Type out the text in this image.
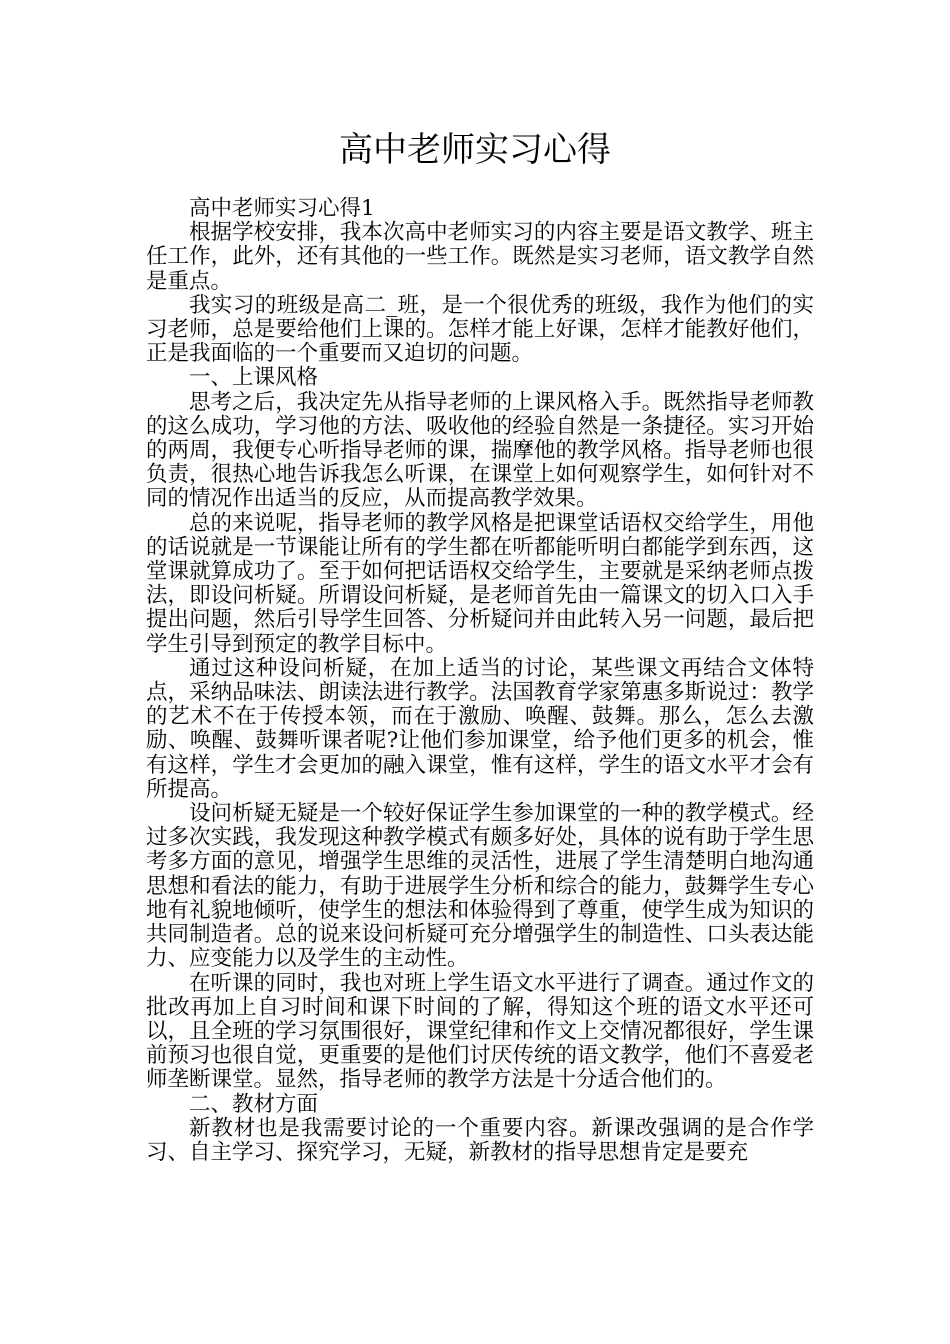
高中老师实习心得

高中老师实习心得1

根据学校安排，我本次高中老师实习的内容主要是语文教学、班主任工作，此外，还有其他的一些工作。既然是实习老师，语文教学自然是重点。

我实习的班级是高二_班，是一个很优秀的班级，我作为他们的实习老师，总是要给他们上课的。怎样才能上好课，怎样才能教好他们，正是我面临的一个重要而又迫切的问题。

一、上课风格

思考之后，我决定先从指导老师的上课风格入手。既然指导老师教的这么成功，学习他的方法、吸收他的经验自然是一条捷径。实习开始的两周，我便专心听指导老师的课，揣摩他的教学风格。指导老师也很负责，很热心地告诉我怎么听课，在课堂上如何观察学生，如何针对不同的情况作出适当的反应，从而提高教学效果。

总的来说呢，指导老师的教学风格是把课堂话语权交给学生，用他的话说就是一节课能让所有的学生都在听都能听明白都能学到东西，这堂课就算成功了。至于如何把话语权交给学生，主要就是采纳老师点拨法，即设问析疑。所谓设问析疑，是老师首先由一篇课文的切入口入手提出问题，然后引导学生回答、分析疑问并由此转入另一问题，最后把学生引导到预定的教学目标中。

通过这种设问析疑，在加上适当的讨论，某些课文再结合文体特点，采纳品味法、朗读法进行教学。法国教育学家第惠多斯说过：教学的艺术不在于传授本领，而在于激励、唤醒、鼓舞。那么，怎么去激励、唤醒、鼓舞听课者呢?让他们参加课堂，给予他们更多的机会，惟有这样，学生才会更加的融入课堂，惟有这样，学生的语文水平才会有所提高。

设问析疑无疑是一个较好保证学生参加课堂的一种的教学模式。经过多次实践，我发现这种教学模式有颇多好处，具体的说有助于学生思考多方面的意见，增强学生思维的灵活性，进展了学生清楚明白地沟通思想和看法的能力，有助于进展学生分析和综合的能力，鼓舞学生专心地有礼貌地倾听，使学生的想法和体验得到了尊重，使学生成为知识的共同制造者。总的说来设问析疑可充分增强学生的制造性、口头表达能力、应变能力以及学生的主动性。

在听课的同时，我也对班上学生语文水平进行了调查。通过作文的批改再加上自习时间和课下时间的了解，得知这个班的语文水平还可以，且全班的学习氛围很好，课堂纪律和作文上交情况都很好，学生课前预习也很自觉，更重要的是他们讨厌传统的语文教学，他们不喜爱老师垄断课堂。显然，指导老师的教学方法是十分适合他们的。

二、教材方面

新教材也是我需要讨论的一个重要内容。新课改强调的是合作学习、自主学习、探究学习，无疑，新教材的指导思想肯定是要充
